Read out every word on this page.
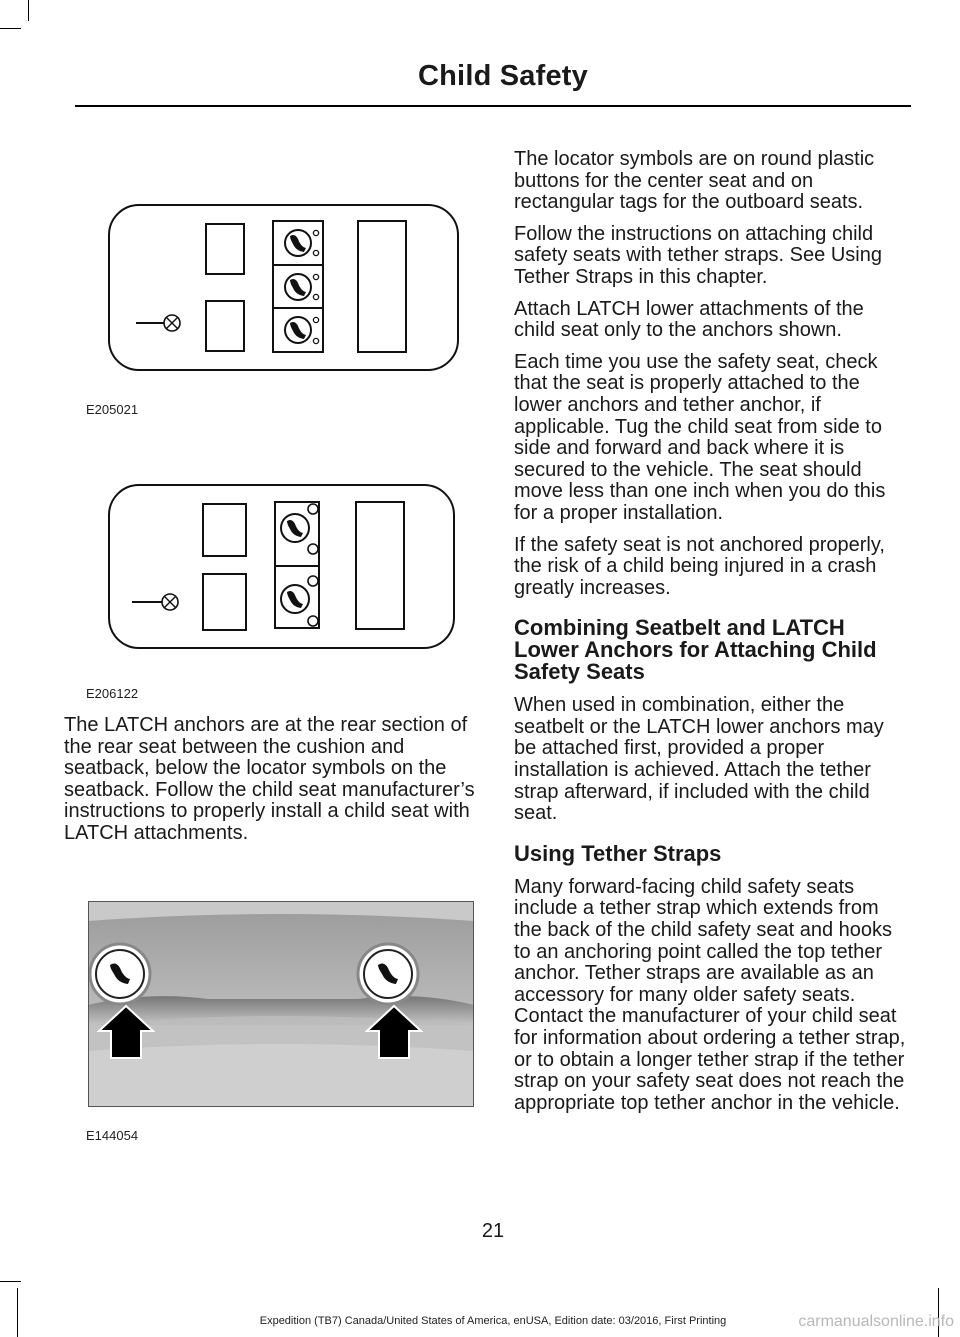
Child Safety
E205021
E206122
E144054

The LATCH anchors are at the rear section of the rear seat between the cushion and seatback, below the locator symbols on the seatback. Follow the child seat manufacturer’s instructions to properly install a child seat with LATCH attachments.

The locator symbols are on round plastic buttons for the center seat and on rectangular tags for the outboard seats.

Follow the instructions on attaching child safety seats with tether straps. See Using Tether Straps in this chapter.

Attach LATCH lower attachments of the child seat only to the anchors shown.

Each time you use the safety seat, check that the seat is properly attached to the lower anchors and tether anchor, if applicable. Tug the child seat from side to side and forward and back where it is secured to the vehicle. The seat should move less than one inch when you do this for a proper installation.

If the safety seat is not anchored properly, the risk of a child being injured in a crash greatly increases.

Combining Seatbelt and LATCH Lower Anchors for Attaching Child Safety Seats

When used in combination, either the seatbelt or the LATCH lower anchors may be attached first, provided a proper installation is achieved. Attach the tether strap afterward, if included with the child seat.

Using Tether Straps

Many forward-facing child safety seats include a tether strap which extends from the back of the child safety seat and hooks to an anchoring point called the top tether anchor. Tether straps are available as an accessory for many older safety seats. Contact the manufacturer of your child seat for information about ordering a tether strap, or to obtain a longer tether strap if the tether strap on your safety seat does not reach the appropriate top tether anchor in the vehicle.

21
Expedition (TB7) Canada/United States of America, enUSA, Edition date: 03/2016, First Printing	carmanualsonline.info
